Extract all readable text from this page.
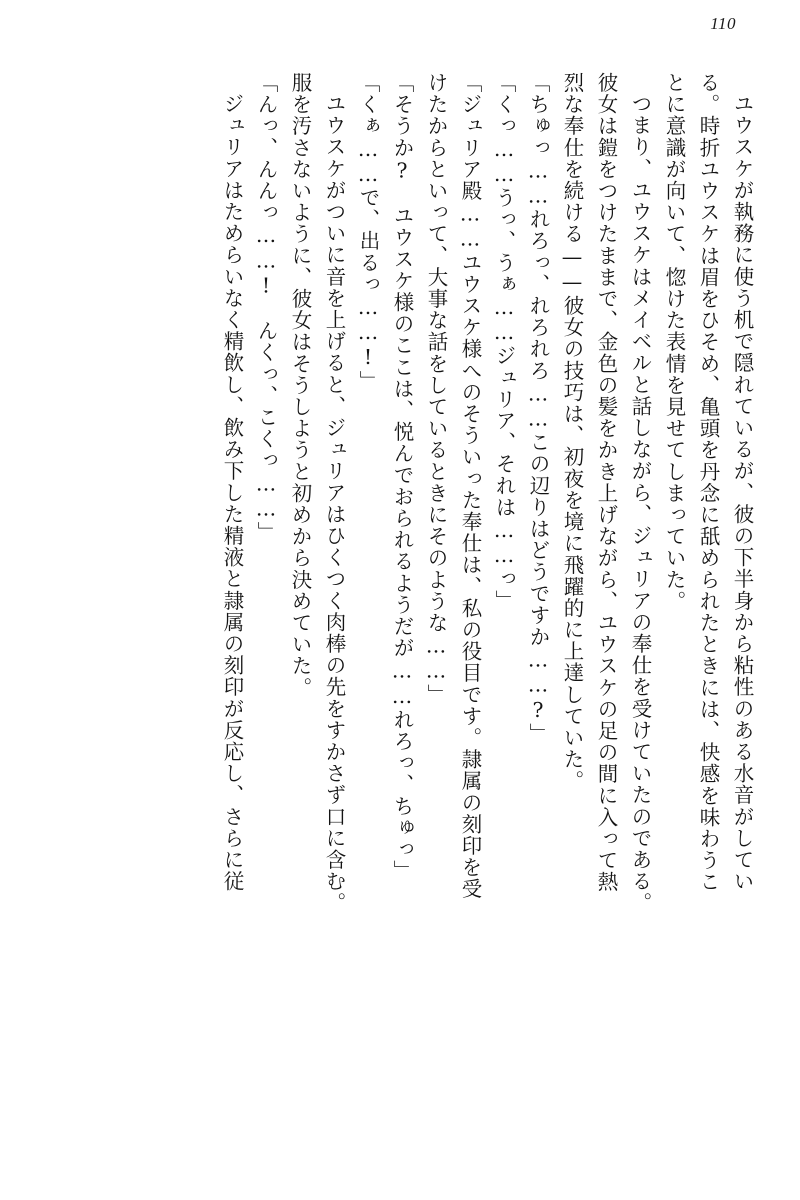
110
ユウスケが執務に使う机で隠れているが、彼の下半身から粘性のある水音がしてい
る。時折ユウスケは眉をひそめ、亀頭を丹念に舐められたときには、快感を味わうこ
とに意識が向いて、惚けた表情を見せてしまっていた。
つまり、ユウスケはメイベルと話しながら、ジュリアの奉仕を受けていたのである。
彼女は鎧をつけたままで、金色の髪をかき上げながら、ユウスケの足の間に入って熱
烈な奉仕を続ける——彼女の技巧は、初夜を境に飛躍的に上達していた。
「ちゅっ……れろっ、れろれろ……この辺りはどうですか……?」
「くっ……うっ、うぁ……ジュリア、それは……っ」
「ジュリア殿……ユウスケ様へのそういった奉仕は、私の役目です。隷属の刻印を受
けたからといって、大事な話をしているときにそのような……」
「そうか?　ユウスケ様のここは、悦んでおられるようだが……れろっ、ちゅっ」
「くぁ……で、出るっ……!」
ユウスケがついに音を上げると、ジュリアはひくつく肉棒の先をすかさず口に含む。
服を汚さないように、彼女はそうしようと初めから決めていた。
「んっ、んんっ……!　んくっ、こくっ……」
ジュリアはためらいなく精飲し、飲み下した精液と隷属の刻印が反応し、さらに従
